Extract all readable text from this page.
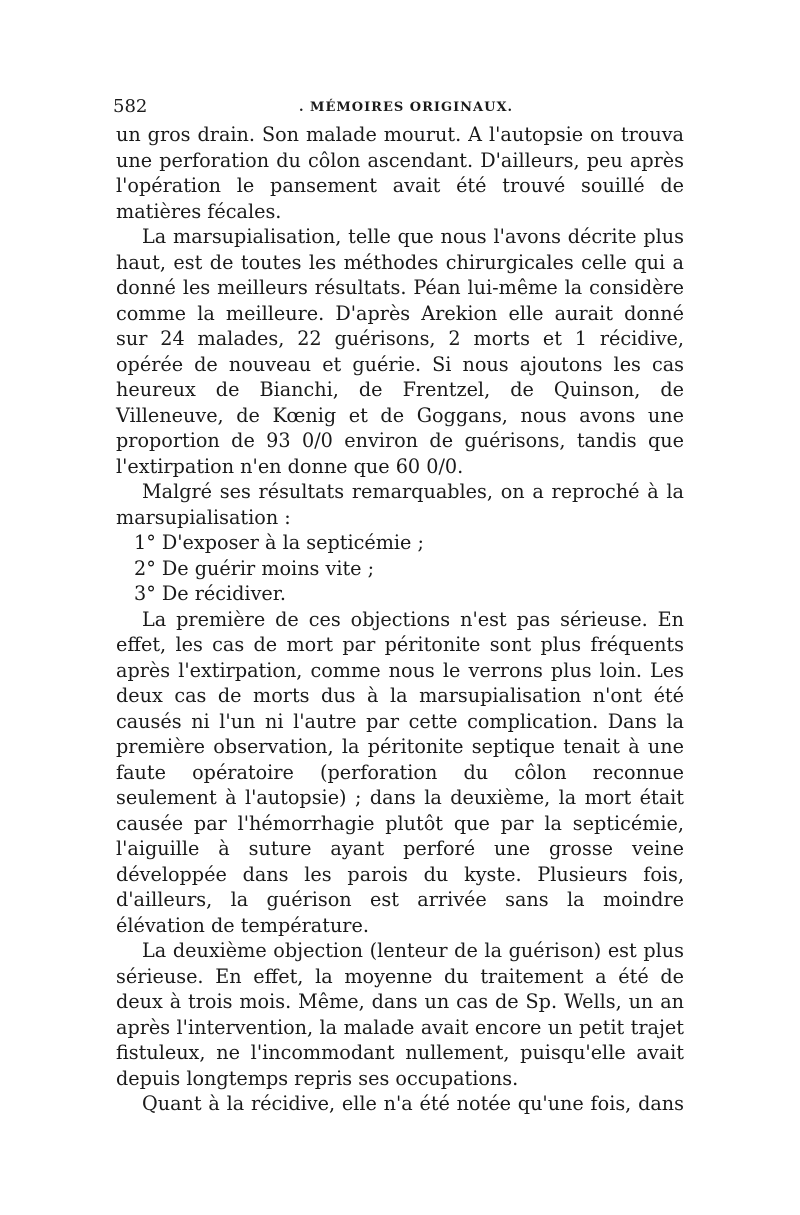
582	. MÉMOIRES ORIGINAUX.

un gros drain. Son malade mourut. A l'autopsie on trouva une perforation du côlon ascendant. D'ailleurs, peu après l'opération le pansement avait été trouvé souillé de matières fécales.

La marsupialisation, telle que nous l'avons décrite plus haut, est de toutes les méthodes chirurgicales celle qui a donné les meilleurs résultats. Péan lui-même la considère comme la meilleure. D'après Arekion elle aurait donné sur 24 malades, 22 guérisons, 2 morts et 1 récidive, opérée de nouveau et guérie. Si nous ajoutons les cas heureux de Bianchi, de Frentzel, de Quinson, de Villeneuve, de Kœnig et de Goggans, nous avons une proportion de 93 0/0 environ de guérisons, tandis que l'extirpation n'en donne que 60 0/0.

Malgré ses résultats remarquables, on a reproché à la marsupialisation :

1° D'exposer à la septicémie ;

2° De guérir moins vite ;

3° De récidiver.

La première de ces objections n'est pas sérieuse. En effet, les cas de mort par péritonite sont plus fréquents après l'extirpation, comme nous le verrons plus loin. Les deux cas de morts dus à la marsupialisation n'ont été causés ni l'un ni l'autre par cette complication. Dans la première observation, la péritonite septique tenait à une faute opératoire (perforation du côlon reconnue seulement à l'autopsie) ; dans la deuxième, la mort était causée par l'hémorrhagie plutôt que par la septicémie, l'aiguille à suture ayant perforé une grosse veine développée dans les parois du kyste. Plusieurs fois, d'ailleurs, la guérison est arrivée sans la moindre élévation de température.

La deuxième objection (lenteur de la guérison) est plus sérieuse. En effet, la moyenne du traitement a été de deux à trois mois. Même, dans un cas de Sp. Wells, un an après l'intervention, la malade avait encore un petit trajet fistuleux, ne l'incommodant nullement, puisqu'elle avait depuis longtemps repris ses occupations.

Quant à la récidive, elle n'a été notée qu'une fois, dans
